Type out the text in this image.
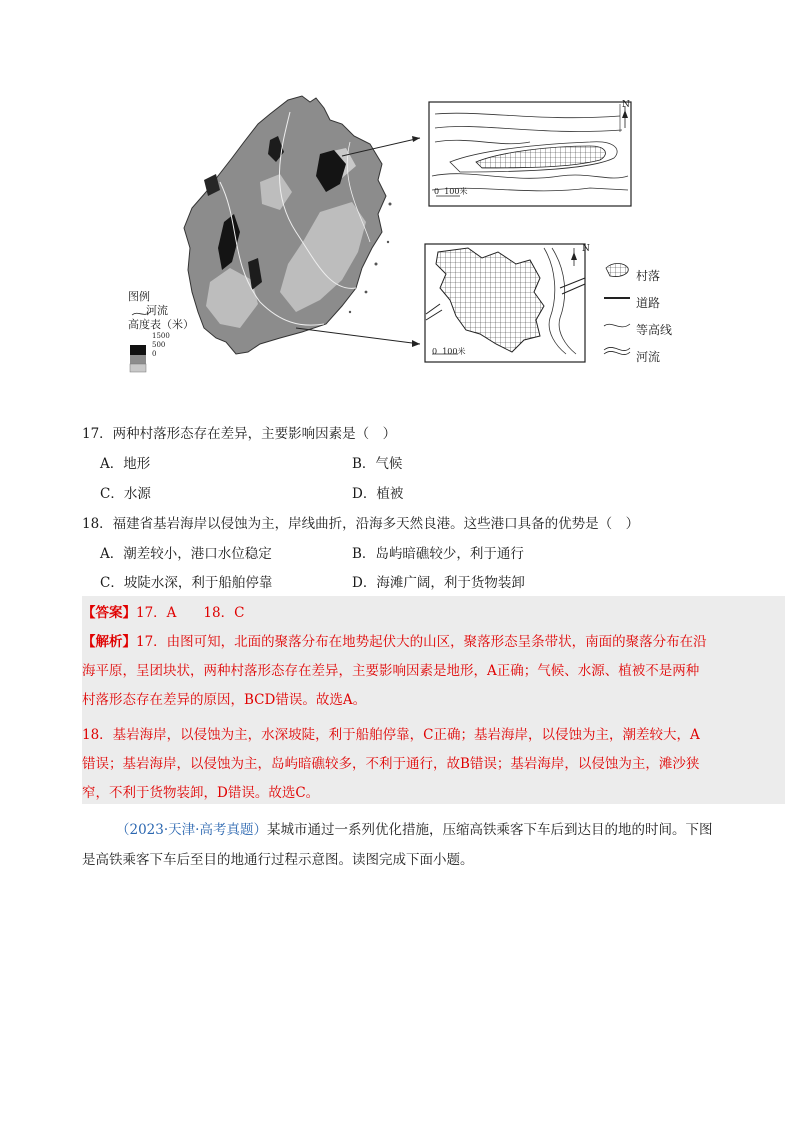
N
0 100米
N
0 100米
图例
河流
高度表（米）
1500
500
0
村落
道路
等高线
河流
17．两种村落形态存在差异，主要影响因素是（　）
A．地形	B．气候
C．水源	D．植被
18．福建省基岩海岸以侵蚀为主，岸线曲折，沿海多天然良港。这些港口具备的优势是（　）
A．潮差较小，港口水位稳定	B．岛屿暗礁较少，利于通行
C．坡陡水深，利于船舶停靠	D．海滩广阔，利于货物装卸
【答案】17．A　　18．C
【解析】17．由图可知，北面的聚落分布在地势起伏大的山区，聚落形态呈条带状，南面的聚落分布在沿
海平原，呈团块状，两种村落形态存在差异，主要影响因素是地形，A正确；气候、水源、植被不是两种
村落形态存在差异的原因，BCD错误。故选A。
18．基岩海岸，以侵蚀为主，水深坡陡，利于船舶停靠，C正确；基岩海岸，以侵蚀为主，潮差较大，A
错误；基岩海岸，以侵蚀为主，岛屿暗礁较多，不利于通行，故B错误；基岩海岸，以侵蚀为主，滩沙狭
窄，不利于货物装卸，D错误。故选C。
（2023·天津·高考真题）某城市通过一系列优化措施，压缩高铁乘客下车后到达目的地的时间。下图
是高铁乘客下车后至目的地通行过程示意图。读图完成下面小题。
